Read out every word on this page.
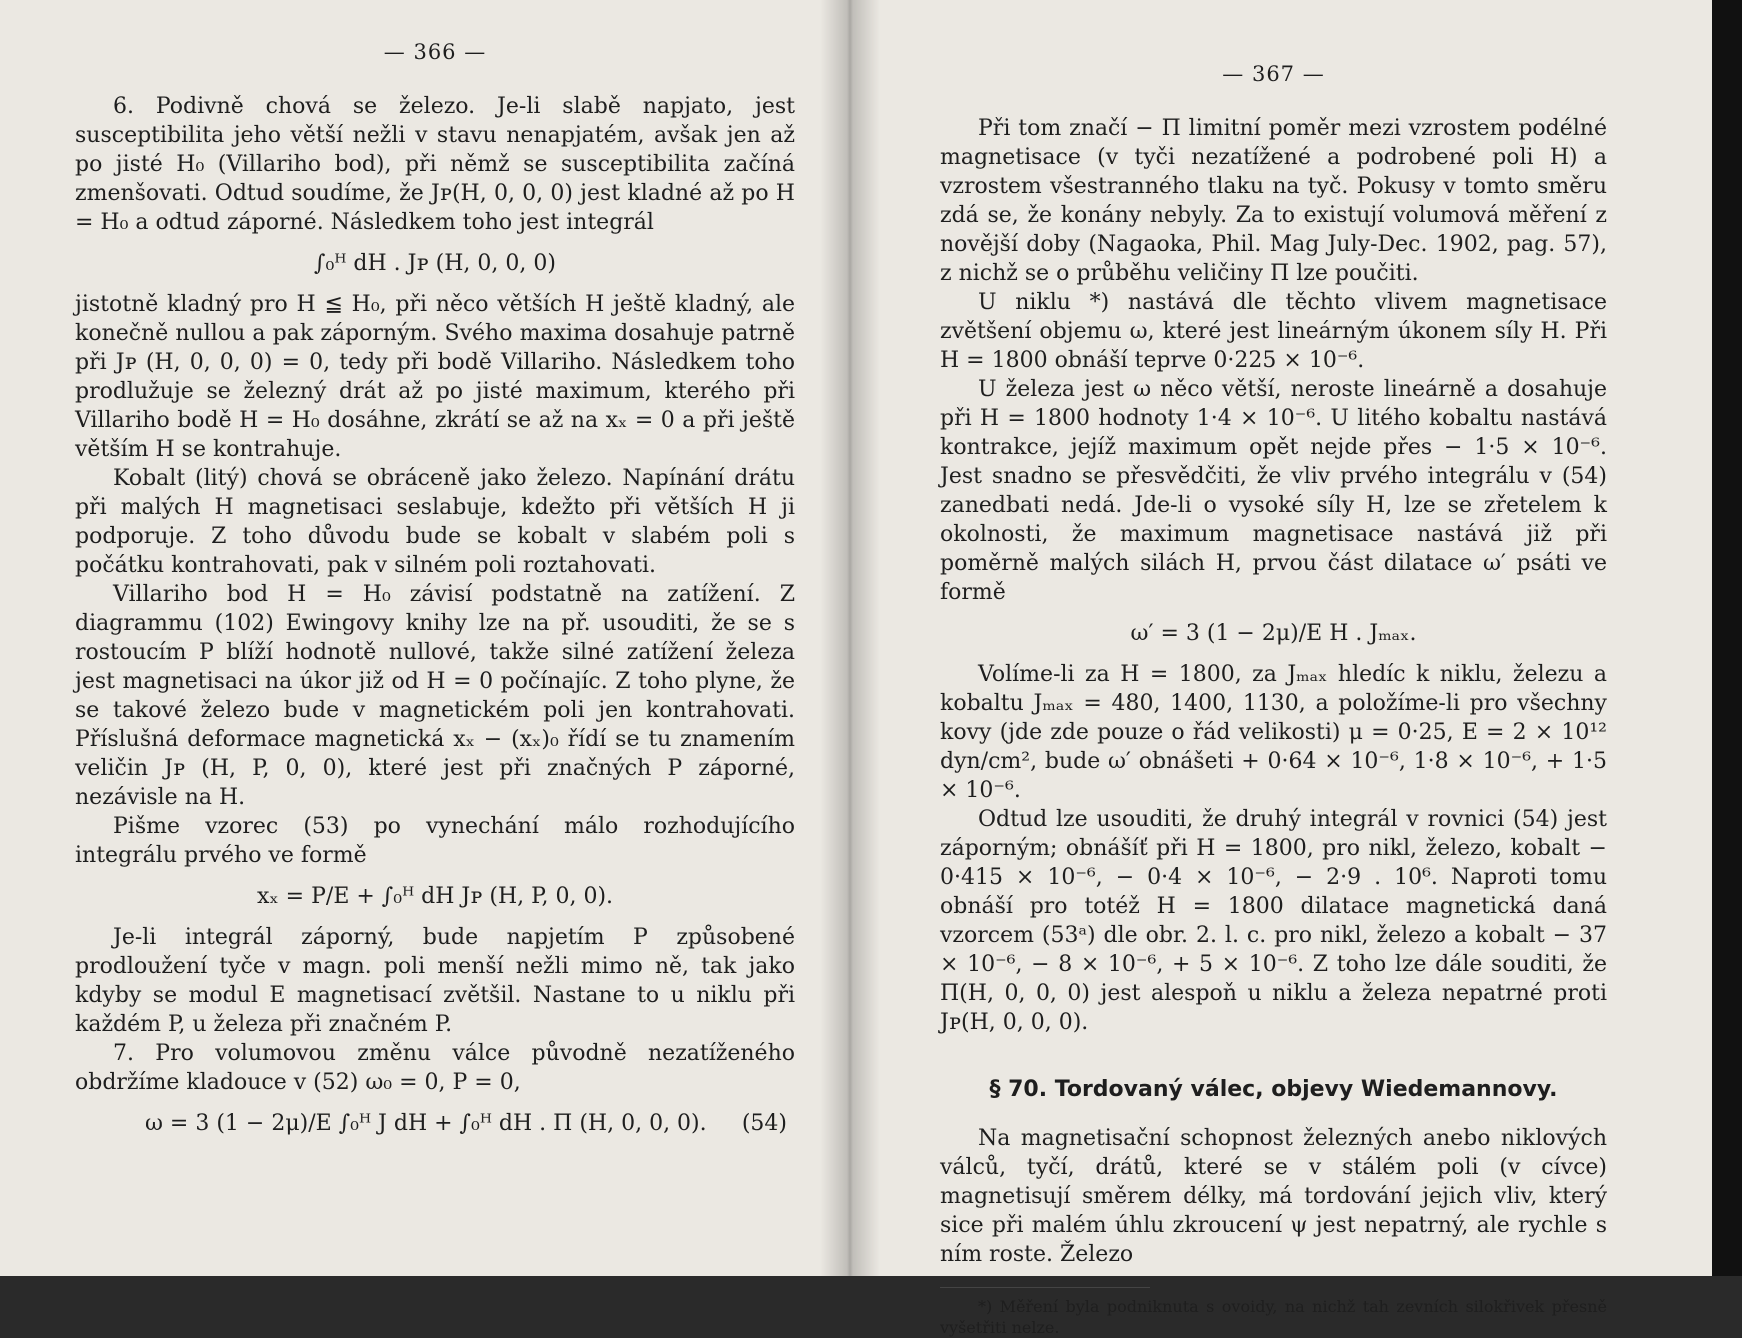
— 366 —

6. Podivně chová se železo. Je-li slabě napjato, jest susceptibilita jeho větší nežli v stavu nenapjatém, avšak jen až po jisté H₀ (Villariho bod), při němž se susceptibilita začíná zmenšovati. Odtud soudíme, že Jᴘ(H, 0, 0, 0) jest kladné až po H = H₀ a odtud záporné. Následkem toho jest integrál

∫₀ᴴ dH . Jᴘ (H, 0, 0, 0)

jistotně kladný pro H ≦ H₀, při něco větších H ještě kladný, ale konečně nullou a pak záporným. Svého maxima dosahuje patrně při Jᴘ (H, 0, 0, 0) = 0, tedy při bodě Villariho. Následkem toho prodlužuje se železný drát až po jisté maximum, kterého při Villariho bodě H = H₀ dosáhne, zkrátí se až na xₓ = 0 a při ještě větším H se kontrahuje.

Kobalt (litý) chová se obráceně jako železo. Napínání drátu při malých H magnetisaci seslabuje, kdežto při větších H ji podporuje. Z toho důvodu bude se kobalt v slabém poli s počátku kontrahovati, pak v silném poli roztahovati.

Villariho bod H = H₀ závisí podstatně na zatížení. Z diagrammu (102) Ewingovy knihy lze na př. usouditi, že se s rostoucím P blíží hodnotě nullové, takže silné zatížení železa jest magnetisaci na úkor již od H = 0 počínajíc. Z toho plyne, že se takové železo bude v magnetickém poli jen kontrahovati. Příslušná deformace magnetická xₓ − (xₓ)₀ řídí se tu znamením veličin Jᴘ (H, P, 0, 0), které jest při značných P záporné, nezávisle na H.

Pišme vzorec (53) po vynechání málo rozhodujícího integrálu prvého ve formě

xₓ = P/E + ∫₀ᴴ dH Jᴘ (H, P, 0, 0).

Je-li integrál záporný, bude napjetím P způsobené prodloužení tyče v magn. poli menší nežli mimo ně, tak jako kdyby se modul E magnetisací zvětšil. Nastane to u niklu při každém P, u železa při značném P.

7. Pro volumovou změnu válce původně nezatíženého obdržíme kladouce v (52) ω₀ = 0, P = 0,

ω = 3 (1 − 2μ)/E ∫₀ᴴ J dH + ∫₀ᴴ dH . Π (H, 0, 0, 0). (54)
— 367 —

Při tom značí − Π limitní poměr mezi vzrostem podélné magnetisace (v tyči nezatížené a podrobené poli H) a vzrostem všestranného tlaku na tyč. Pokusy v tomto směru zdá se, že konány nebyly. Za to existují volumová měření z novější doby (Nagaoka, Phil. Mag July-Dec. 1902, pag. 57), z nichž se o průběhu veličiny Π lze poučiti.

U niklu *) nastává dle těchto vlivem magnetisace zvětšení objemu ω, které jest lineárným úkonem síly H. Při H = 1800 obnáší teprve 0·225 × 10⁻⁶.

U železa jest ω něco větší, neroste lineárně a dosahuje při H = 1800 hodnoty 1·4 × 10⁻⁶. U litého kobaltu nastává kontrakce, jejíž maximum opět nejde přes − 1·5 × 10⁻⁶. Jest snadno se přesvědčiti, že vliv prvého integrálu v (54) zanedbati nedá. Jde-li o vysoké síly H, lze se zřetelem k okolnosti, že maximum magnetisace nastává již při poměrně malých silách H, prvou část dilatace ω′ psáti ve formě

ω′ = 3 (1 − 2μ)/E H . Jₘₐₓ.

Volíme-li za H = 1800, za Jₘₐₓ hledíc k niklu, železu a kobaltu Jₘₐₓ = 480, 1400, 1130, a položíme-li pro všechny kovy (jde zde pouze o řád velikosti) μ = 0·25, E = 2 × 10¹² dyn/cm², bude ω′ obnášeti + 0·64 × 10⁻⁶, 1·8 × 10⁻⁶, + 1·5 × 10⁻⁶.

Odtud lze usouditi, že druhý integrál v rovnici (54) jest záporným; obnášíť při H = 1800, pro nikl, železo, kobalt − 0·415 × 10⁻⁶, − 0·4 × 10⁻⁶, − 2·9 . 10⁶. Naproti tomu obnáší pro totéž H = 1800 dilatace magnetická daná vzorcem (53ᵃ) dle obr. 2. l. c. pro nikl, železo a kobalt − 37 × 10⁻⁶, − 8 × 10⁻⁶, + 5 × 10⁻⁶. Z toho lze dále souditi, že Π(H, 0, 0, 0) jest alespoň u niklu a železa nepatrné proti Jᴘ(H, 0, 0, 0).

§ 70. Tordovaný válec, objevy Wiedemannovy.

Na magnetisační schopnost železných anebo niklových válců, tyčí, drátů, které se v stálém poli (v cívce) magnetisují směrem délky, má tordování jejich vliv, který sice při malém úhlu zkroucení ψ jest nepatrný, ale rychle s ním roste. Železo

*) Měření byla podniknuta s ovoidy, na nichž tah zevních silokřivek přesně vyšetřiti nelze.
